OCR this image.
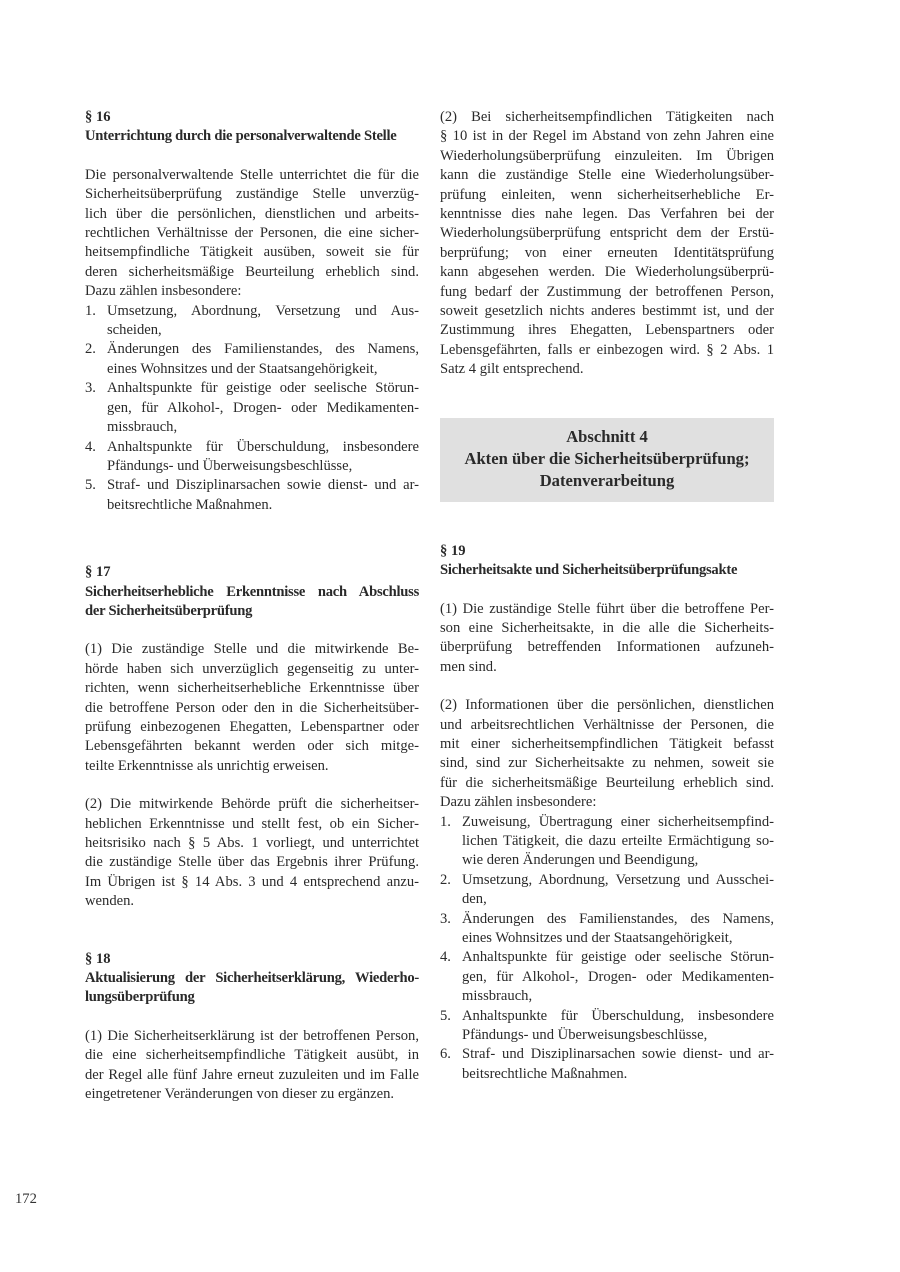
§ 16
Unterrichtung durch die personalverwaltende Stelle
Die personalverwaltende Stelle unterrichtet die für die
Sicherheitsüberprüfung zuständige Stelle unverzüg-
lich über die persönlichen, dienstlichen und arbeits-
rechtlichen Verhältnisse der Personen, die eine sicher-
heitsempfindliche Tätigkeit ausüben, soweit sie für
deren sicherheitsmäßige Beurteilung erheblich sind.
Dazu zählen insbesondere:
1. Umsetzung, Abordnung, Versetzung und Aus-
scheiden,
2. Änderungen des Familienstandes, des Namens,
eines Wohnsitzes und der Staatsangehörigkeit,
3. Anhaltspunkte für geistige oder seelische Störun-
gen, für Alkohol-, Drogen- oder Medikamenten-
missbrauch,
4. Anhaltspunkte für Überschuldung, insbesondere
Pfändungs- und Überweisungsbeschlüsse,
5. Straf- und Disziplinarsachen sowie dienst- und ar-
beitsrechtliche Maßnahmen.
§ 17
Sicherheitserhebliche Erkenntnisse nach Abschluss
der Sicherheitsüberprüfung
(1) Die zuständige Stelle und die mitwirkende Be-
hörde haben sich unverzüglich gegenseitig zu unter-
richten, wenn sicherheitserhebliche Erkenntnisse über
die betroffene Person oder den in die Sicherheitsüber-
prüfung einbezogenen Ehegatten, Lebenspartner oder
Lebensgefährten bekannt werden oder sich mitge-
teilte Erkenntnisse als unrichtig erweisen.
(2) Die mitwirkende Behörde prüft die sicherheitser-
heblichen Erkenntnisse und stellt fest, ob ein Sicher-
heitsrisiko nach § 5 Abs. 1 vorliegt, und unterrichtet
die zuständige Stelle über das Ergebnis ihrer Prüfung.
Im Übrigen ist § 14 Abs. 3 und 4 entsprechend anzu-
wenden.
§ 18
Aktualisierung der Sicherheitserklärung, Wiederho-
lungsüberprüfung
(1) Die Sicherheitserklärung ist der betroffenen Person,
die eine sicherheitsempfindliche Tätigkeit ausübt, in
der Regel alle fünf Jahre erneut zuzuleiten und im Falle
eingetretener Veränderungen von dieser zu ergänzen.
(2) Bei sicherheitsempfindlichen Tätigkeiten nach
§ 10 ist in der Regel im Abstand von zehn Jahren eine
Wiederholungsüberprüfung einzuleiten. Im Übrigen
kann die zuständige Stelle eine Wiederholungsüber-
prüfung einleiten, wenn sicherheitserhebliche Er-
kenntnisse dies nahe legen. Das Verfahren bei der
Wiederholungsüberprüfung entspricht dem der Erstü-
berprüfung; von einer erneuten Identitätsprüfung
kann abgesehen werden. Die Wiederholungsüberprü-
fung bedarf der Zustimmung der betroffenen Person,
soweit gesetzlich nichts anderes bestimmt ist, und der
Zustimmung ihres Ehegatten, Lebenspartners oder
Lebensgefährten, falls er einbezogen wird. § 2 Abs. 1
Satz 4 gilt entsprechend.
Abschnitt 4
Akten über die Sicherheitsüberprüfung;
Datenverarbeitung
§ 19
Sicherheitsakte und Sicherheitsüberprüfungsakte
(1) Die zuständige Stelle führt über die betroffene Per-
son eine Sicherheitsakte, in die alle die Sicherheits-
überprüfung betreffenden Informationen aufzuneh-
men sind.
(2) Informationen über die persönlichen, dienstlichen
und arbeitsrechtlichen Verhältnisse der Personen, die
mit einer sicherheitsempfindlichen Tätigkeit befasst
sind, sind zur Sicherheitsakte zu nehmen, soweit sie
für die sicherheitsmäßige Beurteilung erheblich sind.
Dazu zählen insbesondere:
1. Zuweisung, Übertragung einer sicherheitsempfind-
lichen Tätigkeit, die dazu erteilte Ermächtigung so-
wie deren Änderungen und Beendigung,
2. Umsetzung, Abordnung, Versetzung und Ausschei-
den,
3. Änderungen des Familienstandes, des Namens,
eines Wohnsitzes und der Staatsangehörigkeit,
4. Anhaltspunkte für geistige oder seelische Störun-
gen, für Alkohol-, Drogen- oder Medikamenten-
missbrauch,
5. Anhaltspunkte für Überschuldung, insbesondere
Pfändungs- und Überweisungsbeschlüsse,
6. Straf- und Disziplinarsachen sowie dienst- und ar-
beitsrechtliche Maßnahmen.
172
